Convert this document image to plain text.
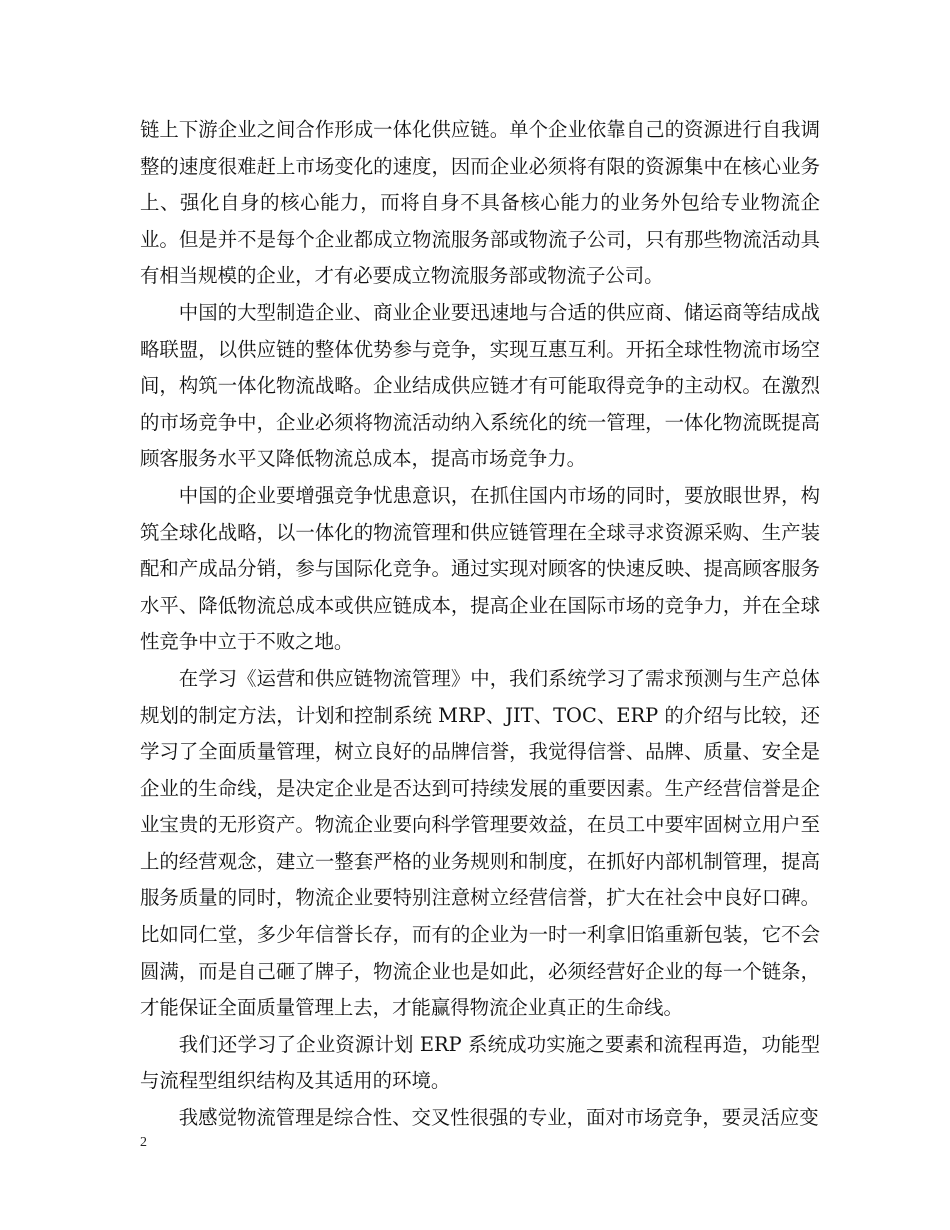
链上下游企业之间合作形成一体化供应链。单个企业依靠自己的资源进行自我调整的速度很难赶上市场变化的速度，因而企业必须将有限的资源集中在核心业务上、强化自身的核心能力，而将自身不具备核心能力的业务外包给专业物流企业。但是并不是每个企业都成立物流服务部或物流子公司，只有那些物流活动具有相当规模的企业，才有必要成立物流服务部或物流子公司。

中国的大型制造企业、商业企业要迅速地与合适的供应商、储运商等结成战略联盟，以供应链的整体优势参与竞争，实现互惠互利。开拓全球性物流市场空间，构筑一体化物流战略。企业结成供应链才有可能取得竞争的主动权。在激烈的市场竞争中，企业必须将物流活动纳入系统化的统一管理，一体化物流既提高顾客服务水平又降低物流总成本，提高市场竞争力。

中国的企业要增强竞争忧患意识，在抓住国内市场的同时，要放眼世界，构筑全球化战略，以一体化的物流管理和供应链管理在全球寻求资源采购、生产装配和产成品分销，参与国际化竞争。通过实现对顾客的快速反映、提高顾客服务水平、降低物流总成本或供应链成本，提高企业在国际市场的竞争力，并在全球性竞争中立于不败之地。

在学习《运营和供应链物流管理》中，我们系统学习了需求预测与生产总体规划的制定方法，计划和控制系统 MRP、JIT、TOC、ERP 的介绍与比较，还学习了全面质量管理，树立良好的品牌信誉，我觉得信誉、品牌、质量、安全是企业的生命线，是决定企业是否达到可持续发展的重要因素。生产经营信誉是企业宝贵的无形资产。物流企业要向科学管理要效益，在员工中要牢固树立用户至上的经营观念，建立一整套严格的业务规则和制度，在抓好内部机制管理，提高服务质量的同时，物流企业要特别注意树立经营信誉，扩大在社会中良好口碑。比如同仁堂，多少年信誉长存，而有的企业为一时一利拿旧馅重新包装，它不会圆满，而是自己砸了牌子，物流企业也是如此，必须经营好企业的每一个链条，才能保证全面质量管理上去，才能赢得物流企业真正的生命线。

我们还学习了企业资源计划 ERP 系统成功实施之要素和流程再造，功能型与流程型组织结构及其适用的环境。

我感觉物流管理是综合性、交叉性很强的专业，面对市场竞争，要灵活应变

2
